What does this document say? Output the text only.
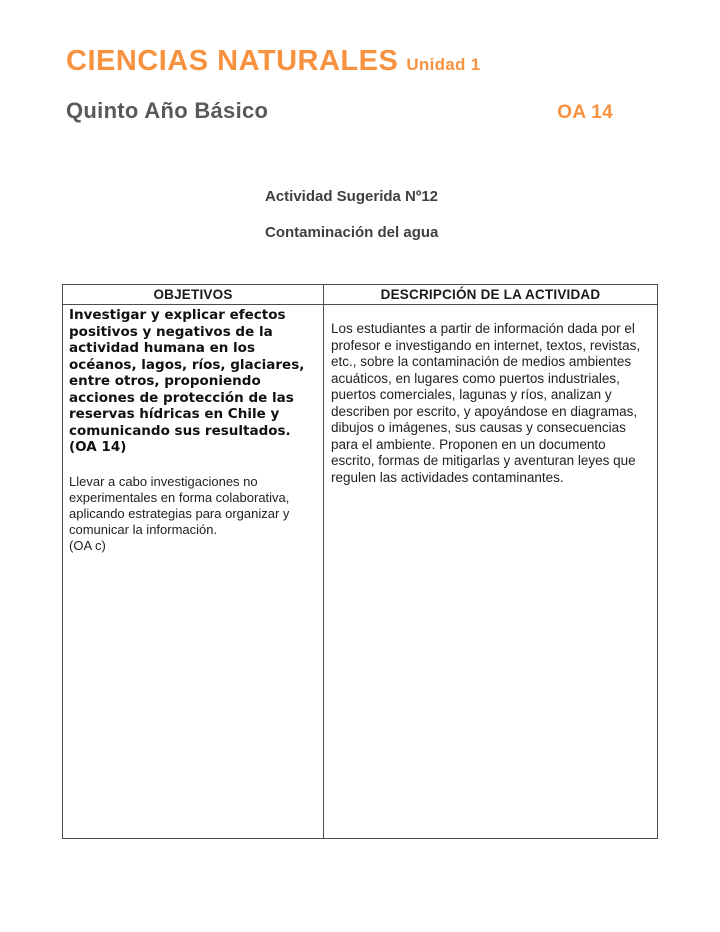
CIENCIAS NATURALES Unidad 1
Quinto Año Básico	OA 14
Actividad Sugerida Nº12
Contaminación del agua
OBJETIVOS	DESCRIPCIÓN DE LA ACTIVIDAD
Investigar y explicar efectos positivos y negativos de la actividad humana en los océanos, lagos, ríos, glaciares, entre otros, proponiendo acciones de protección de las reservas hídricas en Chile y comunicando sus resultados. (OA 14)
Llevar a cabo investigaciones no experimentales en forma colaborativa, aplicando estrategias para organizar y comunicar la información.
(OA c)
Los estudiantes a partir de información dada por el profesor e investigando en internet, textos, revistas, etc., sobre la contaminación de medios ambientes acuáticos, en lugares como puertos industriales, puertos comerciales, lagunas y ríos, analizan y describen por escrito, y apoyándose en diagramas, dibujos o imágenes, sus causas y consecuencias para el ambiente. Proponen en un documento escrito, formas de mitigarlas y aventuran leyes que regulen las actividades contaminantes.
